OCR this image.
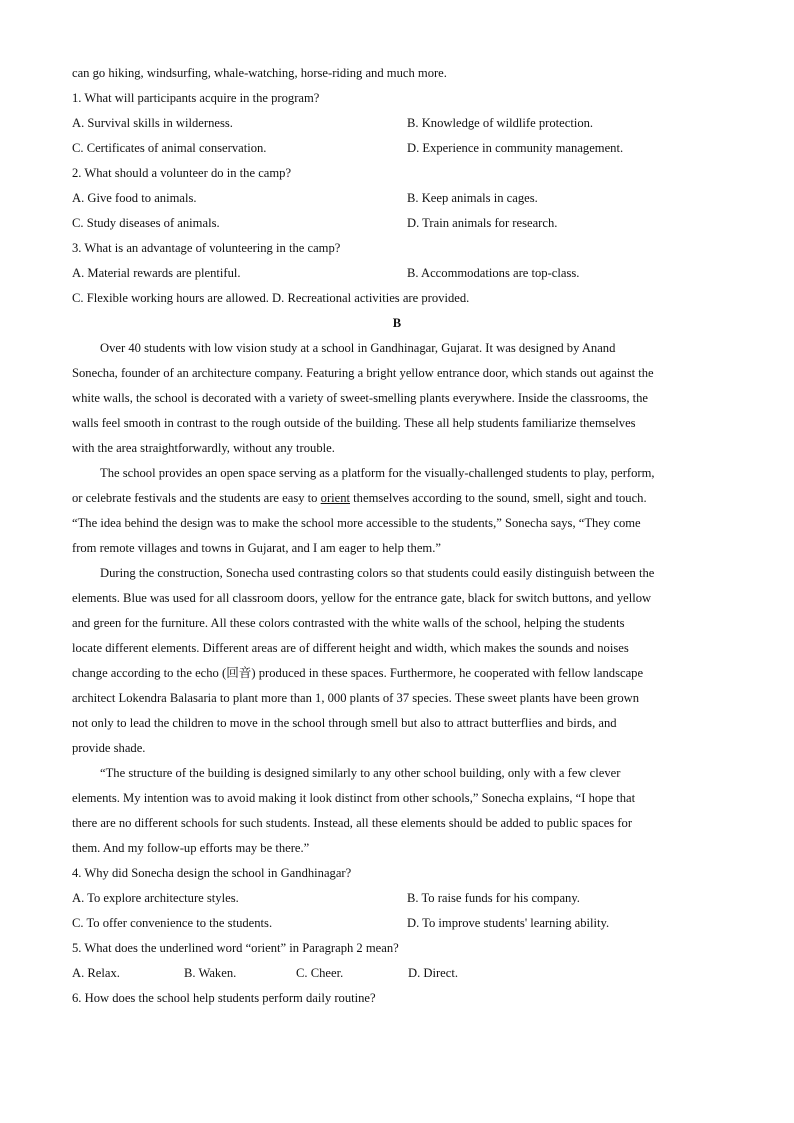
can go hiking, windsurfing, whale-watching, horse-riding and much more.
1. What will participants acquire in the program?
A. Survival skills in wilderness.	B. Knowledge of wildlife protection.
C. Certificates of animal conservation.	D. Experience in community management.
2. What should a volunteer do in the camp?
A. Give food to animals.	B. Keep animals in cages.
C. Study diseases of animals.	D. Train animals for research.
3. What is an advantage of volunteering in the camp?
A. Material rewards are plentiful.	B. Accommodations are top-class.
C. Flexible working hours are allowed. D. Recreational activities are provided.
B
Over 40 students with low vision study at a school in Gandhinagar, Gujarat. It was designed by Anand
Sonecha, founder of an architecture company. Featuring a bright yellow entrance door, which stands out against the
white walls, the school is decorated with a variety of sweet-smelling plants everywhere. Inside the classrooms, the
walls feel smooth in contrast to the rough outside of the building. These all help students familiarize themselves
with the area straightforwardly, without any trouble.
The school provides an open space serving as a platform for the visually-challenged students to play, perform,
or celebrate festivals and the students are easy to orient themselves according to the sound, smell, sight and touch.
“The idea behind the design was to make the school more accessible to the students,” Sonecha says, “They come
from remote villages and towns in Gujarat, and I am eager to help them.”
During the construction, Sonecha used contrasting colors so that students could easily distinguish between the
elements. Blue was used for all classroom doors, yellow for the entrance gate, black for switch buttons, and yellow
and green for the furniture. All these colors contrasted with the white walls of the school, helping the students
locate different elements. Different areas are of different height and width, which makes the sounds and noises
change according to the echo (回音) produced in these spaces. Furthermore, he cooperated with fellow landscape
architect Lokendra Balasaria to plant more than 1, 000 plants of 37 species. These sweet plants have been grown
not only to lead the children to move in the school through smell but also to attract butterflies and birds, and
provide shade.
“The structure of the building is designed similarly to any other school building, only with a few clever
elements. My intention was to avoid making it look distinct from other schools,” Sonecha explains, “I hope that
there are no different schools for such students. Instead, all these elements should be added to public spaces for
them. And my follow-up efforts may be there.”
4. Why did Sonecha design the school in Gandhinagar?
A. To explore architecture styles.	B. To raise funds for his company.
C. To offer convenience to the students.	D. To improve students' learning ability.
5. What does the underlined word “orient” in Paragraph 2 mean?
A. Relax.	B. Waken.	C. Cheer.	D. Direct.
6. How does the school help students perform daily routine?
